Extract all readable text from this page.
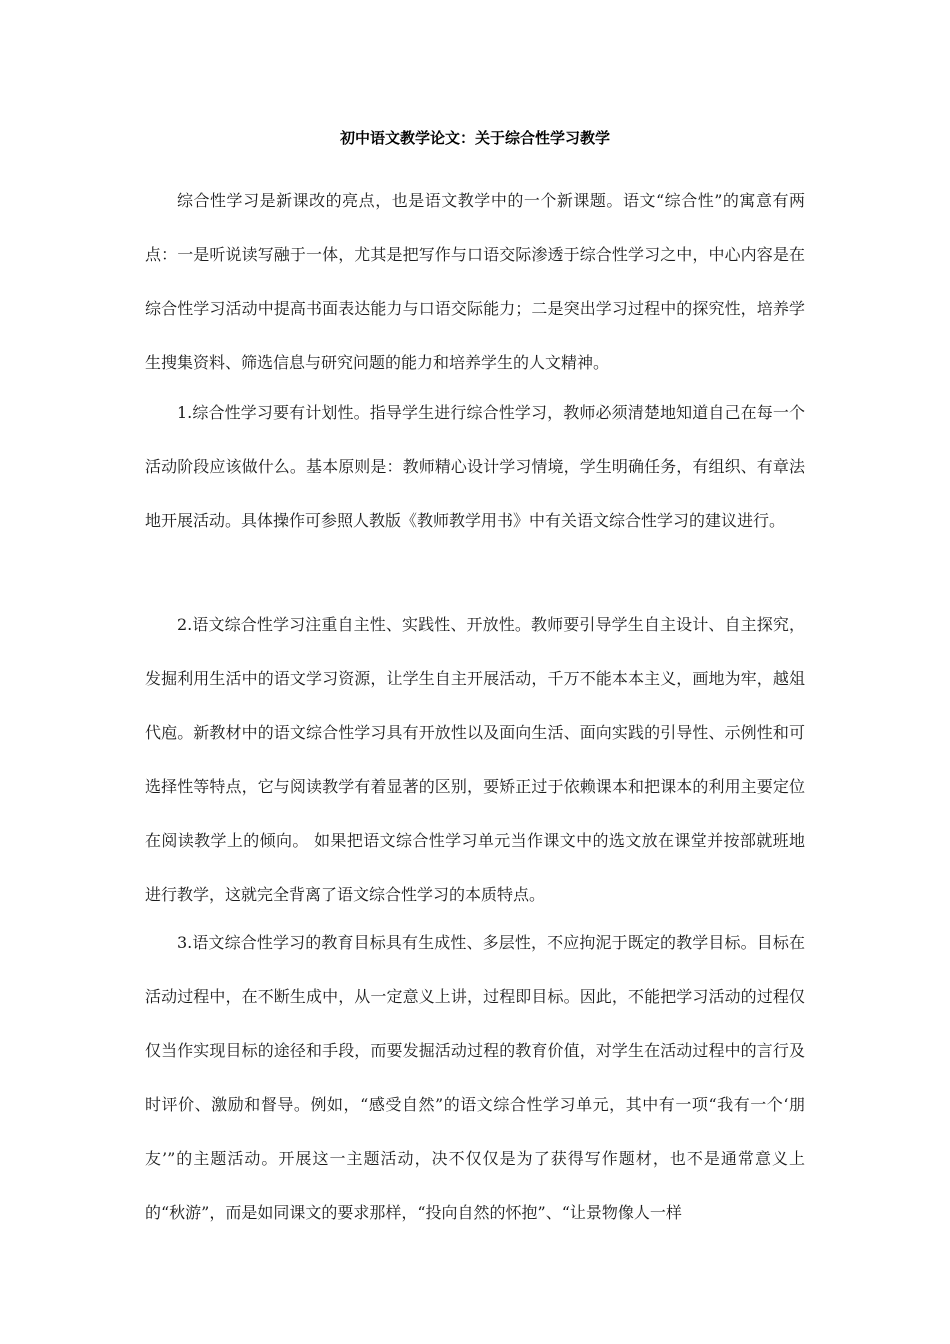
初中语文教学论文：关于综合性学习教学

综合性学习是新课改的亮点，也是语文教学中的一个新课题。语文“综合性”的寓意有两点：一是听说读写融于一体，尤其是把写作与口语交际渗透于综合性学习之中，中心内容是在综合性学习活动中提高书面表达能力与口语交际能力；二是突出学习过程中的探究性，培养学生搜集资料、筛选信息与研究问题的能力和培养学生的人文精神。

1.综合性学习要有计划性。指导学生进行综合性学习，教师必须清楚地知道自己在每一个活动阶段应该做什么。基本原则是：教师精心设计学习情境，学生明确任务，有组织、有章法地开展活动。具体操作可参照人教版《教师教学用书》中有关语文综合性学习的建议进行。

2.语文综合性学习注重自主性、实践性、开放性。教师要引导学生自主设计、自主探究，发掘利用生活中的语文学习资源，让学生自主开展活动，千万不能本本主义，画地为牢，越俎代庖。新教材中的语文综合性学习具有开放性以及面向生活、面向实践的引导性、示例性和可选择性等特点，它与阅读教学有着显著的区别，要矫正过于依赖课本和把课本的利用主要定位在阅读教学上的倾向。 如果把语文综合性学习单元当作课文中的选文放在课堂并按部就班地进行教学，这就完全背离了语文综合性学习的本质特点。

3.语文综合性学习的教育目标具有生成性、多层性，不应拘泥于既定的教学目标。目标在活动过程中，在不断生成中，从一定意义上讲，过程即目标。因此，不能把学习活动的过程仅仅当作实现目标的途径和手段，而要发掘活动过程的教育价值，对学生在活动过程中的言行及时评价、激励和督导。例如，“感受自然”的语文综合性学习单元，其中有一项“我有一个‘朋友’”的主题活动。开展这一主题活动，决不仅仅是为了获得写作题材，也不是通常意义上的“秋游”，而是如同课文的要求那样，“投向自然的怀抱”、“让景物像人一样
